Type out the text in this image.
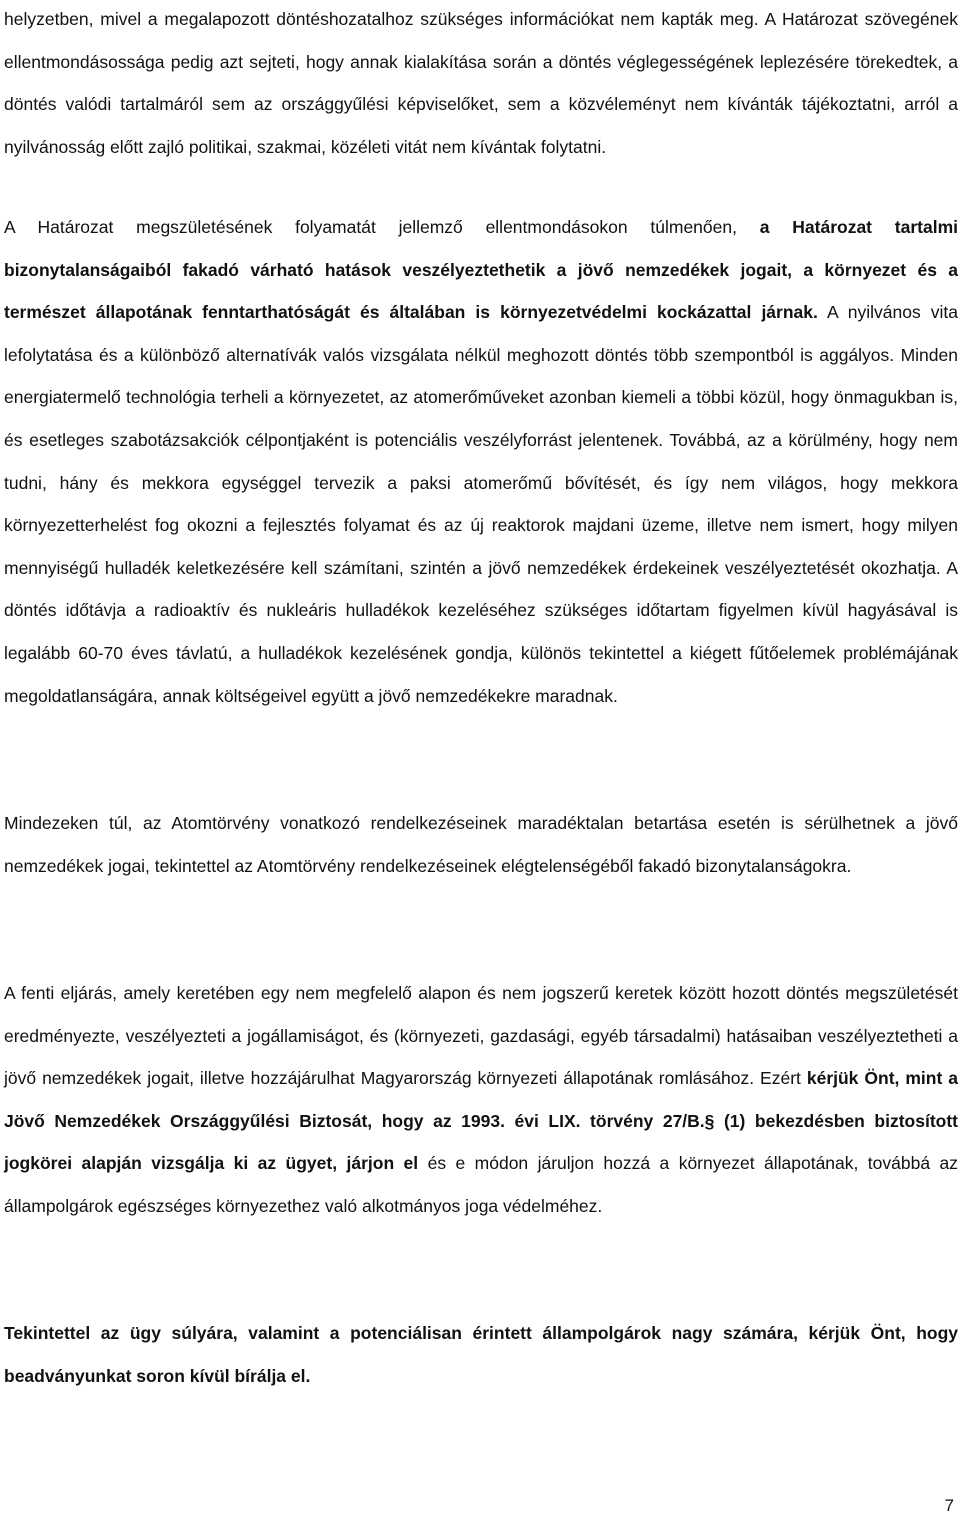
helyzetben, mivel a megalapozott döntéshozatalhoz szükséges információkat nem kapták meg. A Határozat szövegének ellentmondásossága pedig azt sejteti, hogy annak kialakítása során a döntés véglegességének leplezésére törekedtek, a döntés valódi tartalmáról sem az országgyűlési képviselőket, sem a közvéleményt nem kívánták tájékoztatni, arról a nyilvánosság előtt zajló politikai, szakmai, közéleti vitát nem kívántak folytatni.

A Határozat megszületésének folyamatát jellemző ellentmondásokon túlmenően, a Határozat tartalmi bizonytalanságaiból fakadó várható hatások veszélyeztethetik a jövő nemzedékek jogait, a környezet és a természet állapotának fenntarthatóságát és általában is környezetvédelmi kockázattal járnak. A nyilvános vita lefolytatása és a különböző alternatívák valós vizsgálata nélkül meghozott döntés több szempontból is aggályos. Minden energiatermelő technológia terheli a környezetet, az atomerőműveket azonban kiemeli a többi közül, hogy önmagukban is, és esetleges szabotázsakciók célpontjaként is potenciális veszélyforrást jelentenek. Továbbá, az a körülmény, hogy nem tudni, hány és mekkora egységgel tervezik a paksi atomerőmű bővítését, és így nem világos, hogy mekkora környezetterhelést fog okozni a fejlesztés folyamat és az új reaktorok majdani üzeme, illetve nem ismert, hogy milyen mennyiségű hulladék keletkezésére kell számítani, szintén a jövő nemzedékek érdekeinek veszélyeztetését okozhatja. A döntés időtávja a radioaktív és nukleáris hulladékok kezeléséhez szükséges időtartam figyelmen kívül hagyásával is legalább 60-70 éves távlatú, a hulladékok kezelésének gondja, különös tekintettel a kiégett fűtőelemek problémájának megoldatlanságára, annak költségeivel együtt a jövő nemzedékekre maradnak.

Mindezeken túl, az Atomtörvény vonatkozó rendelkezéseinek maradéktalan betartása esetén is sérülhetnek a jövő nemzedékek jogai, tekintettel az Atomtörvény rendelkezéseinek elégtelenségéből fakadó bizonytalanságokra.

A fenti eljárás, amely keretében egy nem megfelelő alapon és nem jogszerű keretek között hozott döntés megszületését eredményezte, veszélyezteti a jogállamiságot, és (környezeti, gazdasági, egyéb társadalmi) hatásaiban veszélyeztetheti a jövő nemzedékek jogait, illetve hozzájárulhat Magyarország környezeti állapotának romlásához. Ezért kérjük Önt, mint a Jövő Nemzedékek Országgyűlési Biztosát, hogy az 1993. évi LIX. törvény 27/B.§ (1) bekezdésben biztosított jogkörei alapján vizsgálja ki az ügyet, járjon el és e módon járuljon hozzá a környezet állapotának, továbbá az állampolgárok egészséges környezethez való alkotmányos joga védelméhez.

Tekintettel az ügy súlyára, valamint a potenciálisan érintett állampolgárok nagy számára, kérjük Önt, hogy beadványunkat soron kívül bírálja el.

7
